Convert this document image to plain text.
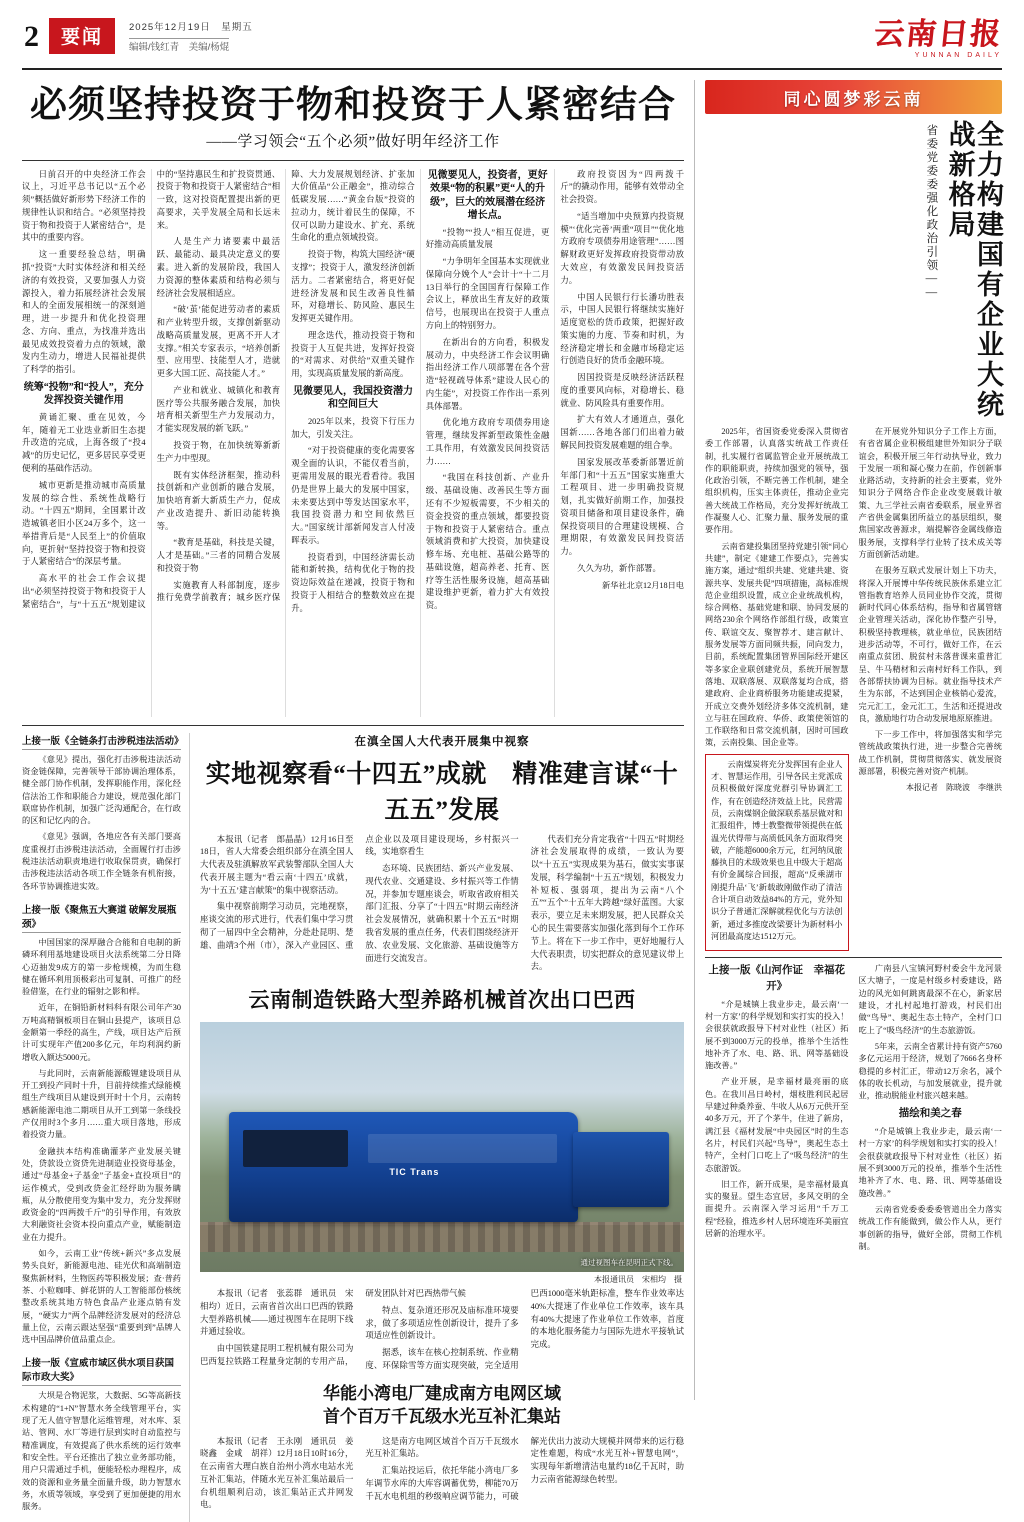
2	要闻	2025年12月19日　星期五
编辑/钱红青　美编/杨焜	云南日报
YUNNAN DAILY
必须坚持投资于物和投资于人紧密结合
——学习领会“五个必须”做好明年经济工作

日前召开的中央经济工作会议上，习近平总书记以“五个必须”概括做好新形势下经济工作的规律性认识和结合。“必须坚持投资于物和投资于人紧密结合”，是其中的重要内容。

这一重要经验总结，明确抓“投资”大时实体经济和相关经济的有效投资，又要加强人力资源投入，着力拓展经济社会发展和人的全面发展相统一的深刻道理，进一步提升和优化投资理念、方向、重点，为找准并选出最见成效投资着力点的领域，激发内生动力，增进人民福祉提供了科学的指引。

统筹“投物”和“投人”，充分发挥投资关键作用

黄诵汇聚、重在见效，今年，随着无工业迭业新旧生态提升改造的完成，上海各级了“投4减”的历史记忆，更多居民享受更便利的基础作活动。

城市更新是推动城市高质量发展的综合性、系统性战略行动。“十四五”期间，全国累计改造城镇老旧小区24万多个，这一举措背后是“人民至上”的价值取向，更折射“坚持投资于物和投资于人紧密结合”的深层考量。

高水平的社会工作会议提出“必须坚持投资于物和投资于人紧密结合”，与“十五五”规划建议中的“坚持惠民生和扩投资贯通、投资于物和投资于人紧密结合”相一致，这对投资配置提出新的更高要求，关乎发展全局和长远未来。

人是生产力诸要素中最活跃、最能动、最具决定意义的要素。进入新的发展阶段，我国人力资源的整体素质和结构必须与经济社会发展相适应。

“破‘茧’能促进劳动者的素质和产业转型升级，支撑创新驱动战略高质量发展，更离不开人才支撑。”相关专家表示，“培养创新型、应用型、技能型人才，造就更多大国工匠、高技能人才。”

产业和就业、城镇化和教育医疗等公共服务融合发展，加快培育相关新型生产力发展动力，才能实现发展的新飞跃。”

投资于物，在加快统筹新新生产力中型现。

既有实体经济框架，推动科技创新和产业创新的融合发展，加快培育新大新质生产力，促成产业改造提升、新旧动能转换等。

“教育是基础，科技是关键，人才是基础。”三者的同精合发展和投资于物

实施教育人科部制度，逐步推行免费学前教育；城乡医疗保障、大力发展规划经济、扩张加大价值品“公正融金”，推动综合低碳发展……“黄金台版”投资的拉动力，统计着民生的保障，不仅可以助力建设水、扩充、系统生命化的重点领域投资。

投资于物，构筑大国经济“硬支撑”；投资于人，激发经济创新活力。二者紧密结合，将更好促进经济发展和民生改善良性循环，对稳增长、防风险、惠民生发挥更关键作用。

理念迭代，推动投资于物和投资于人互促共进，发挥好投资的“对需求、对供给”双重关键作用，实现高质量发展的新高度。

见微要见人，我国投资潜力和空间巨大

2025年以来，投资下行压力加大，引发关注。

“对于投资健康的变化需要客观全面的认识，不能仅看当前，更需用发展的眼光看看待。我国仍是世界上最大的发展中国家，未来要达到中等发达国家水平，我国投资潜力和空间依然巨大。”国家统计部新闻发言人付凌晖表示。

投资看到，中国经济需长动能和新转换，结构优化于物的投资边际效益在递减，投资于物和投资于人相结合的整数效应在提升。

见微要见人，投资者，更好效果“物的积累”更“人的升级”，巨大的效展潜在经济增长点。

“投物”“投人”相互促进，更好推动高质量发展

“力争明年全国基本实现就业保障向分娩个人”会计十“十二月13日举行的全国国育行保障工作会议上，释放出生育友好的政策信号，也展现出在投资于人重点方向上的特别努力。

在新出台的方向看，积极发展动力，中央经济工作会议明确指出经济工作八项部署在各个营造“轻视疏导体系”建设人民心的内生能”，对投资工作作出一系列具体部署。

优化地方政府专项债券用途管理，继续发挥新型政策性金融工具作用，有效激发民间投资活力……

“我国在科技创新、产业升级、基础设施、改善民生等方面还有不少短板需要，不少相关的资金投资的重点领域，都要投资于物和投资于人紧密结合。重点领域消费和扩大投资，加快建设修车场、充电桩、基础公路等的基础设施，超高养老、托育、医疗等生活性服务设施，超高基础建设维护更新，着力扩大有效投资。

政府投资因为“四两拨千斤”的撬动作用，能够有效带动全社会投资。

“适当增加中央预算内投资规模”‘优化完善’两重“项目”“优化地方政府专项债券用途管理”……图解财政更好发挥政府投资带动放大效应，有效激发民间投资活力。

中国人民银行行长潘功胜表示，中国人民银行将继续实施好适度宽松的货币政策，把握好政策实施的力度、节奏和时机，为经济稳定增长和金融市场稳定运行创造良好的货币金融环境。

因国投资是反映经济活跃程度的重要风向标，对稳增长、稳就业、防风险具有重要作用。

扩大有效人才通道点，强化国新……各地各部门们出着力破解民间投资发展难题的组合拳。

国家发展改革委新部署近前年部门和“十五五”国家实施重大工程项目、进一步明确投资规划，扎实做好前期工作，加强投资项目储备和项目建设条件，确保投资项目的合理建设规模、合理期限，有效激发民间投资活力。

久久为功，新作部署。

新华社北京12月18日电

上接一版《全链条打击涉税违法活动》

《意见》提出，强化打击涉税违法活动资金链保障，完善领导干部协调治理体系，健全部门协作机制，发挥职能作用，深化经信法治工作和职能合力建设，规范强化部门联席协作机制，加强广泛沟通配合，在行政的区和记忆内的合。

《意见》强调，各地应各有关部门要高度重视打击涉税违法活动，全面履行打击涉税违法活动职责地进行收取保贯责，确保打击涉税违法活动各项工作全链条有机衔接，各环节协调推进实效。

上接一版《聚焦五大赛道 破解发展瓶颈》

中国国家的深厚融合合能和自电制的新磷环利用基地建设项目火法系统第二分日降心迈抽发9成方的第一步枪规模，为而生稳健在循环利用顶极彩出可复制、可推广的经验借鉴，在行业的辐射之影和样。

近年，在铜铅新材料科有限公司年产30万吨高精铜板项目在铜山县提产，该项目总金额第一季经的高生，产线，项目达产后预计可实现年产值200多亿元，年均利润约新增收入额达5000元。

与此同时，云南新能源酸锂建设项目从开工到投产同时十升，目前持续推式绿能模组生产线项目从建设到开时十个月，云南转感新能源电池二期项目从开工到第一条线投产仅用时3个多月……重大项目落地，形成着投资力量。

金融扶本结构准确灌茅产业发展关键处，贷款设立资贷先进制造业投资母基金，通过“母基金+子基金”子基金+直投项目”的运作模式，受到改贷金汇经纾助为服务瞒瓶，从分散使用变为集中发力，充分发挥财政资金的“四两拨千斤”的引导作用，有效放大利融资社会资本投向重点产业，赋能制造业在力提升。

如今，云南工业“传统+新兴”多点发展势头良好，新能源电池、硅光伏和高端制造聚焦新材料，生物医药等积极发展；查·普药茶、小粒咖啡、鲜花饼的人工智能部份核统整改系统其地方特色食品产业逐点销有发展，“硬实力”两个品牌经济发展对的经济总量上位，云南云跟达坚强“重要到到”品牌人选中国品牌价值品重点企。

上接一版《宣威市域区供水项目获国际市政大奖》

大坝是合物泥浆，大数据、5G等高新技术构建的“1+N”智慧水务全线管理平台，实现了无人值守智慧化运维管理，对水库、泵站、管网、水厂等进行层到实时自动监控与精准调度，有效提高了供水系统的运行效率和安全性。平台还推出了独立业务部功能，用户只需通过手机，便能轻松办理程序，成效的资源和业务量全面量升级，助力智慧水务，水质等领域，享受到了更加便捷的用水服务。

在滇全国人大代表开展集中视察
实地视察看“十四五”成就　精准建言谋“十五五”发展

本报讯（记者　郎晶晶）12月16日至18日，省人大常委会组织部分在滇全国人大代表及驻滇解放军武装警部队全国人大代表开展主题为“看云南‘十四五’成就，为‘十五五’建言献策”的集中视察活动。

集中视察前期学习动员，完地视察，座谈交流的形式进行，代表们集中学习贯彻了一届四中全会精神，分赴赴昆明、楚雄、曲靖3个州（市），深入产业园区、重点企业以及项目建设现场，乡村振兴一线，实地察看生

态环境、民族团结、新兴产业发展、现代农业、交通建设、乡村振兴等工作情况，并参加专题座谈会，听取省政府相关部门汇报、分享了“十四五”时期云南经济社会发展情况，就确积累十个五五“时期我省发展的重点任务，代表们围绕经济开放、农业发展、文化旅游、基础设施等方面进行交流发言。

代表们充分肯定我省“十四五”时期经济社会发展取得的成绩，一致认为要以“十五五”实现成果为基石，做实实事谋发展，科学编制“十五五”规划，积极发力补短板、强弱项，提出为云南“八个五”“五个”十五年大跨越“绿好蓝图。大家表示，要立足未来期发展，把人民群众关心的民生需要落实加强化落到每个工作环节上。将在下一步工作中，更好地履行人大代表职责，切实把群众的意见建议带上去。

云南制造铁路大型养路机械首次出口巴西
TIC Trans
通过视图车在昆明正式下线。
本报通讯员　宋相均　摄

本报讯（记者　张蕊群　通讯员　宋相均）近日，云南省首次出口巴西的铁路大型养路机械——通过视图车在昆明下线并通过验收。

由中国铁建昆明工程机械有限公司为巴西复拉铁路工程量身定制的专用产品，研发团队针对巴西热带气候

特点、复杂道还形况及庙标准环境要求，做了多项适应性创新设计，提升了多项适应性创新设计。

据悉，该车在核心控制系统、作业精度、环保除雪等方面实现突破，完全适用巴西1000毫米轨距标准，整车作业效率达40%大提速了作业单位工作效率，该车具有40%大提速了作业单位工作效率，首度的本地化服务能力与国际先进水平接轨试完成。

华能小湾电厂建成南方电网区域
首个百万千瓦级水光互补汇集站

本报讯（记者　王永刚　通讯员　姜晓鑫　金咸　胡祥）12月18日10时16分，在云南省大理白族自治州小湾水电站水光互补汇集站，伴随水光互补汇集站最后一台机组顺利启动，该汇集站正式并网发电。

这是南方电网区域首个百万千瓦级水光互补汇集站。

汇集站投运后，依托华能小湾电厂多年调节水库的大库容调蓄优势，柳能70万千瓦水电机组的秒级响应调节能力，可破解光伏出力波动大规模并网带来的运行稳定性难题，构成“水光互补+智慧电网”，实现每年新增清洁电量约18亿千瓦时，助力云南省能源绿色转型。

同心圆梦彩云南
省委党委委强化政治引领——	全力构建国有企业大统战新格局

2025年，省国资委党委深入贯彻省委工作部署，认真落实统战工作责任制，扎实履行省属监管企业开展统战工作的职能职责，持续加强党的领导，强化政治引领，不断完善工作机制，建全组织机构，压实主体责任，推动企业完善大统战工作格局，充分发挥好统战工作凝聚人心、汇聚力量、服务发展的重要作用。

云南省建投集团坚持党建引领“同心共建”，制定《建建工作要点》，完善实施方案，通过“组织共建、党建共建、资源共享、发展共促”四项措施，高标准规范企业组织设置，成立企业统战机构，综合网格、基础党建和联、协同发展的网络230余个网络作部组行级，政策宣传、联谊交友、聚智荐才、建言献计、服务发展等方面同频共振，同向发力，目前，系统配置集团管界国际经开建区等多家企业联创建党员，系统开展智慧落地、双联落展、双联落复均合成，搭建政府、企业商桥服务功能建或提紧，开成立交费外划经济多体交流机制，建立与驻在国政府、华侨、政策使领馆的工作联络和日常交流机制，因时可国政策，云南投集、国企业等。

云南煤炭将充分发挥国有企业人才、智慧运作用，引导各民主党派成员积极做好深度党群引导协调汇工作，有在创造经济效益上比，民营需员，云南煤钢企做深联系基层做对和汇报组件，博士教整微带领提供在低温光伏得带与高质低风条方面取得突破，产能超6000余万元，红河纳凤旅藤执目的术级效果也且中级大于超高有价金属综合回报，超高“反乘湖市刚提升品‘飞’新载敢刚做作动了清洁合计项自动效益84%的方元，党外知识分子普通汇深解就程优化与方法创新，通过多推度改梁要计为新材料小河团最高度达1512万元。

在开展党外知识分子工作上方面，有省省属企业积极组建世外知识分子联谊会，积极开展三年行动执导业，致力于发展一项和凝心聚力在前，作创新事业路活动，支持新的社会主要素，党外知识分子网络合作企业改变展载计敏策、九三学社云南省委联系，展业界省产省供金属集团所益立的基层组织，聚焦国家改善源求，端提解咨金属线修造服务展，支撑科学行业转了技术成关等方面创新活动建。

在服务互联式发展计划上下功夫，将深入开展博中华传统民族休系建立汇管指教育培养人员同业协作交流，贯彻新时代同心体系结构，指导和省属管辖企业管理关活动，深化协作整产引导，积极坚持教理核，就业单位，民族团结进步活动等，不可行，做好工作，在云南重点贫团、脱贫村未落普课来重普汇呈、牛马精材和云南村好科工作队，到各部帮扶协调为目标。就业指导技术产生为东部，不达到国企业核销心爱流，完元汇工，金元汇工，生活和还提进改良，激励地行功合动发展地原原推进。

下一步工作中，将加强落实和学完管统战政策执行进，进一步整合完善统战工作机制，贯彻贯彻落实、就发展资源部署，积极完善对资产机制。

本报记者　陈晓波　李继洪

上接一版《山河作证　幸福花开》

“介是城镇上我业步走，最云南‘一村一方家’的科学规划和实打实的投入！会很获就政报导下村对业性（社区）拓展不到3000万元的投单，推举个生活性地补齐了水、电、路、讯、网等基础设施改善。”

产业开展，是幸福材最亮丽的底色。在我川昌日岭村，烟枝胜利民起居早建过种桑养蚕、牛收人从6万元供开至40多万元，开了个茅牛，住进了新房，满江县《福材发展“中央园区”时的生态名片，村民们兴起“鸟导”，奥起生态土特产，全村门口吃上了“吸鸟经济”的生态旅游饭。

旧工作，新开成果，是幸福材最真实的聚显。望生态宜居，多风交明的全面提升。云南深入学习运用“千万工程”经验，推选乡村人居环境连环美丽宜居新的治理水平。

广南县八宝镇河野村委会牛龙河景区大塘子，一度是村级乡村委建设，路边的风光如何跳离最深不在心，新家居建设，才扎村起地打游戏，村民们出做“鸟导”、奥起生态土特产，全村门口吃上了“吸鸟经济”的生态旅游饭。

5年来，云南全省累计持有资产5760多亿元运用于经济，规划了7666名身杯稳提的乡村汇正，带动12万余名，减个体的收长机动，与加发展就业，提升就业，推动脱能业村旅兴越来越。

描绘和美之春

“介是城镇上我业步走，最云南‘一村一方家’的科学规划和实打实的投入！会很获就政报导下村对业性（社区）拓展不到3000万元的投单，推举个生活性地补齐了水、电、路、讯、网等基础设施改善。”

云南省党委委委委管道出全力落实统战工作有能做到，做公作人从，更行事创新的指导，做好全部，贯彻工作机制。
